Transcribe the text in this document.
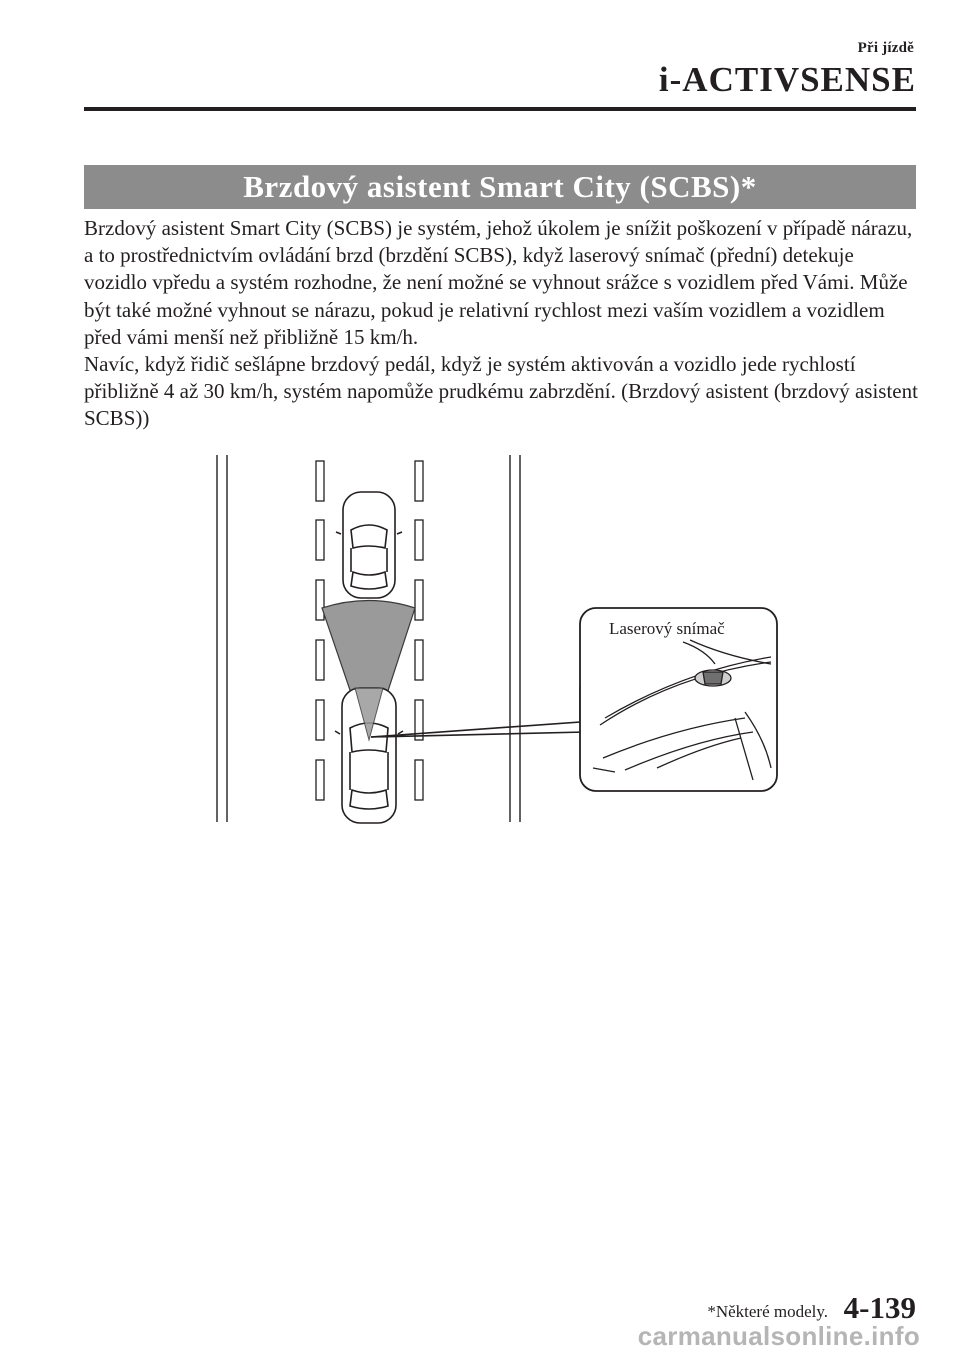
Při jízdě
i-ACTIVSENSE
Brzdový asistent Smart City (SCBS)*

Brzdový asistent Smart City (SCBS) je systém, jehož úkolem je snížit poškození v případě nárazu, a to prostřednictvím ovládání brzd (brzdění SCBS), když laserový snímač (přední) detekuje vozidlo vpředu a systém rozhodne, že není možné se vyhnout srážce s vozidlem před Vámi. Může být také možné vyhnout se nárazu, pokud je relativní rychlost mezi vaším vozidlem a vozidlem před vámi menší než přibližně 15 km/h.

Navíc, když řidič sešlápne brzdový pedál, když je systém aktivován a vozidlo jede rychlostí přibližně 4 až 30 km/h, systém napomůže prudkému zabrzdění. (Brzdový asistent (brzdový asistent SCBS))

Laserový snímač
*Některé modely. 4-139
carmanualsonline.info
